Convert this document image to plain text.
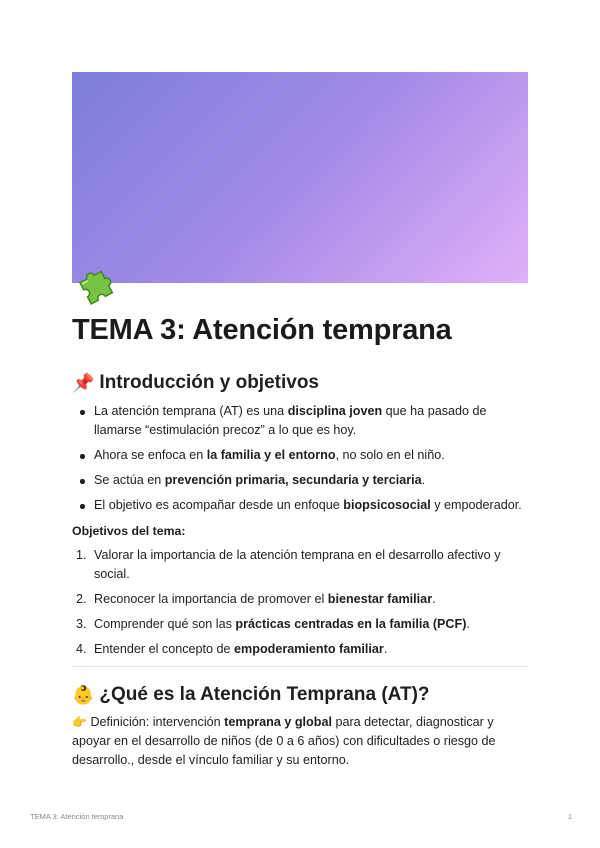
TEMA 3: Atención temprana
📌 Introducción y objetivos
La atención temprana (AT) es una disciplina joven que ha pasado de llamarse “estimulación precoz” a lo que es hoy.
Ahora se enfoca en la familia y el entorno, no solo en el niño.
Se actúa en prevención primaria, secundaria y terciaria.
El objetivo es acompañar desde un enfoque biopsicosocial y empoderador.

Objetivos del tema:

1. Valorar la importancia de la atención temprana en el desarrollo afectivo y social.
2. Reconocer la importancia de promover el bienestar familiar.
3. Comprender qué son las prácticas centradas en la familia (PCF).
4. Entender el concepto de empoderamiento familiar.
👶 ¿Qué es la Atención Temprana (AT)?

👉 Definición: intervención temprana y global para detectar, diagnosticar y apoyar en el desarrollo de niños (de 0 a 6 años) con dificultades o riesgo de desarrollo., desde el vínculo familiar y su entorno.

TEMA 3: Atención temprana	1
